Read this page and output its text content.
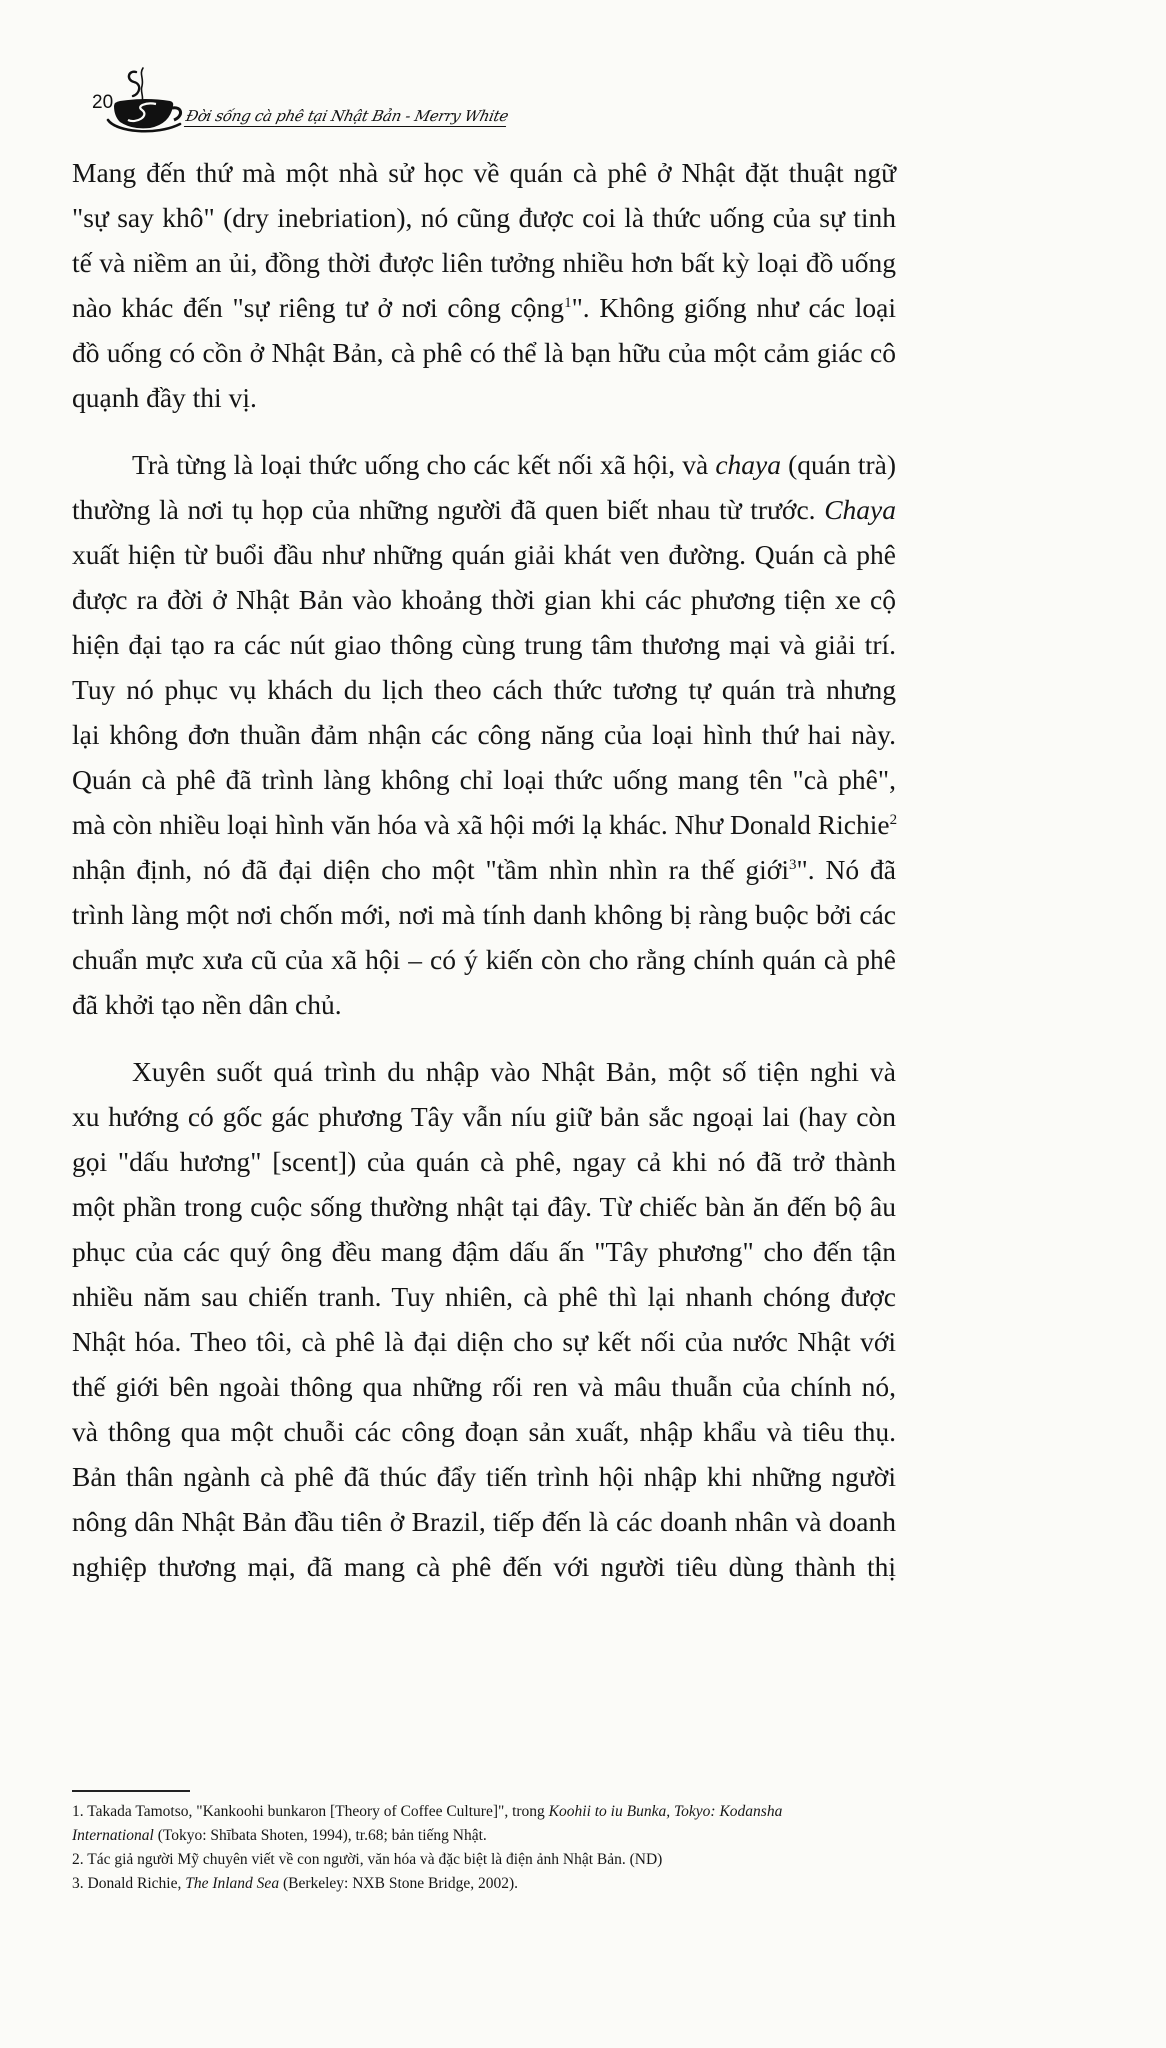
20
Đời sống cà phê tại Nhật Bản - Merry White

Mang đến thứ mà một nhà sử học về quán cà phê ở Nhật đặt thuật ngữ
"sự say khô" (dry inebriation), nó cũng được coi là thức uống của sự tinh
tế và niềm an ủi, đồng thời được liên tưởng nhiều hơn bất kỳ loại đồ uống
nào khác đến "sự riêng tư ở nơi công cộng$^1$". Không giống như các loại
đồ uống có cồn ở Nhật Bản, cà phê có thể là bạn hữu của một cảm giác cô
quạnh đầy thi vị.

Trà từng là loại thức uống cho các kết nối xã hội, và chaya (quán trà)
thường là nơi tụ họp của những người đã quen biết nhau từ trước. Chaya
xuất hiện từ buổi đầu như những quán giải khát ven đường. Quán cà phê
được ra đời ở Nhật Bản vào khoảng thời gian khi các phương tiện xe cộ
hiện đại tạo ra các nút giao thông cùng trung tâm thương mại và giải trí.
Tuy nó phục vụ khách du lịch theo cách thức tương tự quán trà nhưng
lại không đơn thuần đảm nhận các công năng của loại hình thứ hai này.
Quán cà phê đã trình làng không chỉ loại thức uống mang tên "cà phê",
mà còn nhiều loại hình văn hóa và xã hội mới lạ khác. Như Donald Richie$^2$
nhận định, nó đã đại diện cho một "tầm nhìn nhìn ra thế giới$^3$". Nó đã
trình làng một nơi chốn mới, nơi mà tính danh không bị ràng buộc bởi các
chuẩn mực xưa cũ của xã hội – có ý kiến còn cho rằng chính quán cà phê
đã khởi tạo nền dân chủ.

Xuyên suốt quá trình du nhập vào Nhật Bản, một số tiện nghi và
xu hướng có gốc gác phương Tây vẫn níu giữ bản sắc ngoại lai (hay còn
gọi "dấu hương" [scent]) của quán cà phê, ngay cả khi nó đã trở thành
một phần trong cuộc sống thường nhật tại đây. Từ chiếc bàn ăn đến bộ âu
phục của các quý ông đều mang đậm dấu ấn "Tây phương" cho đến tận
nhiều năm sau chiến tranh. Tuy nhiên, cà phê thì lại nhanh chóng được
Nhật hóa. Theo tôi, cà phê là đại diện cho sự kết nối của nước Nhật với
thế giới bên ngoài thông qua những rối ren và mâu thuẫn của chính nó,
và thông qua một chuỗi các công đoạn sản xuất, nhập khẩu và tiêu thụ.
Bản thân ngành cà phê đã thúc đẩy tiến trình hội nhập khi những người
nông dân Nhật Bản đầu tiên ở Brazil, tiếp đến là các doanh nhân và doanh
nghiệp thương mại, đã mang cà phê đến với người tiêu dùng thành thị

1. Takada Tamotso, "Kankoohi bunkaron [Theory of Coffee Culture]", trong Koohii to iu Bunka, Tokyo: Kodansha
International (Tokyo: Shībata Shoten, 1994), tr.68; bản tiếng Nhật.

2. Tác giả người Mỹ chuyên viết về con người, văn hóa và đặc biệt là điện ảnh Nhật Bản. (ND)

3. Donald Richie, The Inland Sea (Berkeley: NXB Stone Bridge, 2002).
